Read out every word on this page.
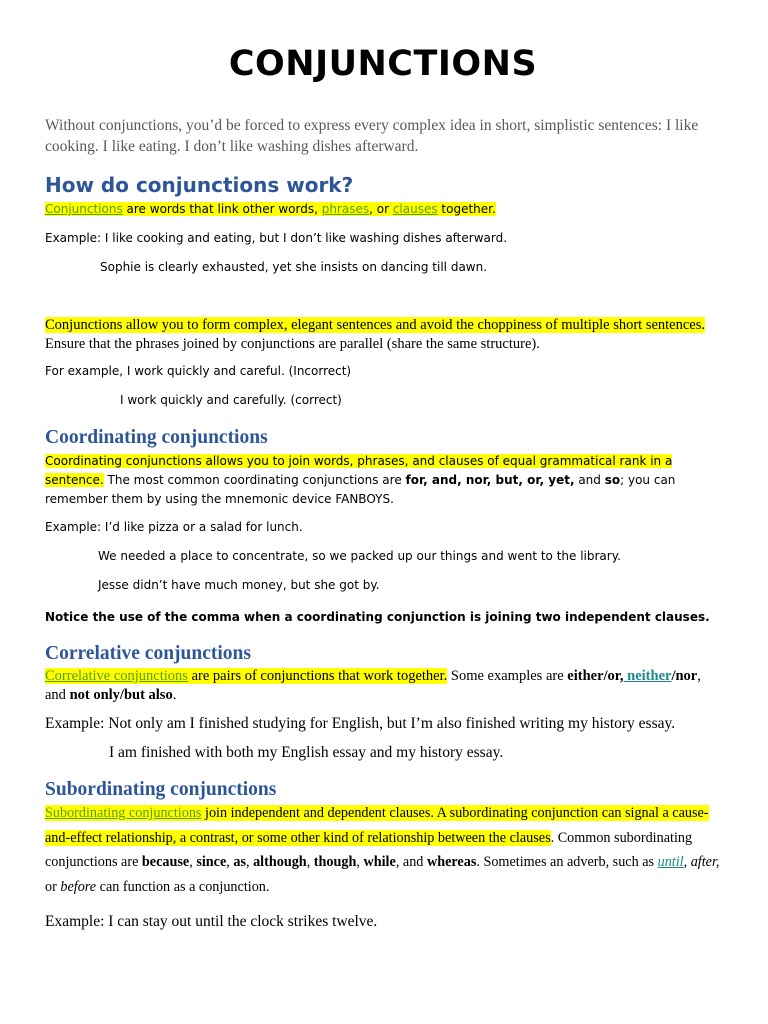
CONJUNCTIONS
Without conjunctions, you’d be forced to express every complex idea in short, simplistic sentences: I like cooking. I like eating. I don’t like washing dishes afterward.
How do conjunctions work?
Conjunctions are words that link other words, phrases, or clauses together.
Example: I like cooking and eating, but I don’t like washing dishes afterward.
Sophie is clearly exhausted, yet she insists on dancing till dawn.
Conjunctions allow you to form complex, elegant sentences and avoid the choppiness of multiple short sentences. Ensure that the phrases joined by conjunctions are parallel (share the same structure).
For example, I work quickly and careful. (Incorrect)
I work quickly and carefully. (correct)
Coordinating conjunctions
Coordinating conjunctions allows you to join words, phrases, and clauses of equal grammatical rank in a sentence. The most common coordinating conjunctions are for, and, nor, but, or, yet, and so; you can remember them by using the mnemonic device FANBOYS.
Example: I’d like pizza or a salad for lunch.
We needed a place to concentrate, so we packed up our things and went to the library.
Jesse didn’t have much money, but she got by.
Notice the use of the comma when a coordinating conjunction is joining two independent clauses.
Correlative conjunctions
Correlative conjunctions are pairs of conjunctions that work together. Some examples are either/or, neither/nor, and not only/but also.
Example: Not only am I finished studying for English, but I’m also finished writing my history essay.
I am finished with both my English essay and my history essay.
Subordinating conjunctions
Subordinating conjunctions join independent and dependent clauses. A subordinating conjunction can signal a cause-and-effect relationship, a contrast, or some other kind of relationship between the clauses. Common subordinating conjunctions are because, since, as, although, though, while, and whereas. Sometimes an adverb, such as until, after, or before can function as a conjunction.
Example: I can stay out until the clock strikes twelve.
